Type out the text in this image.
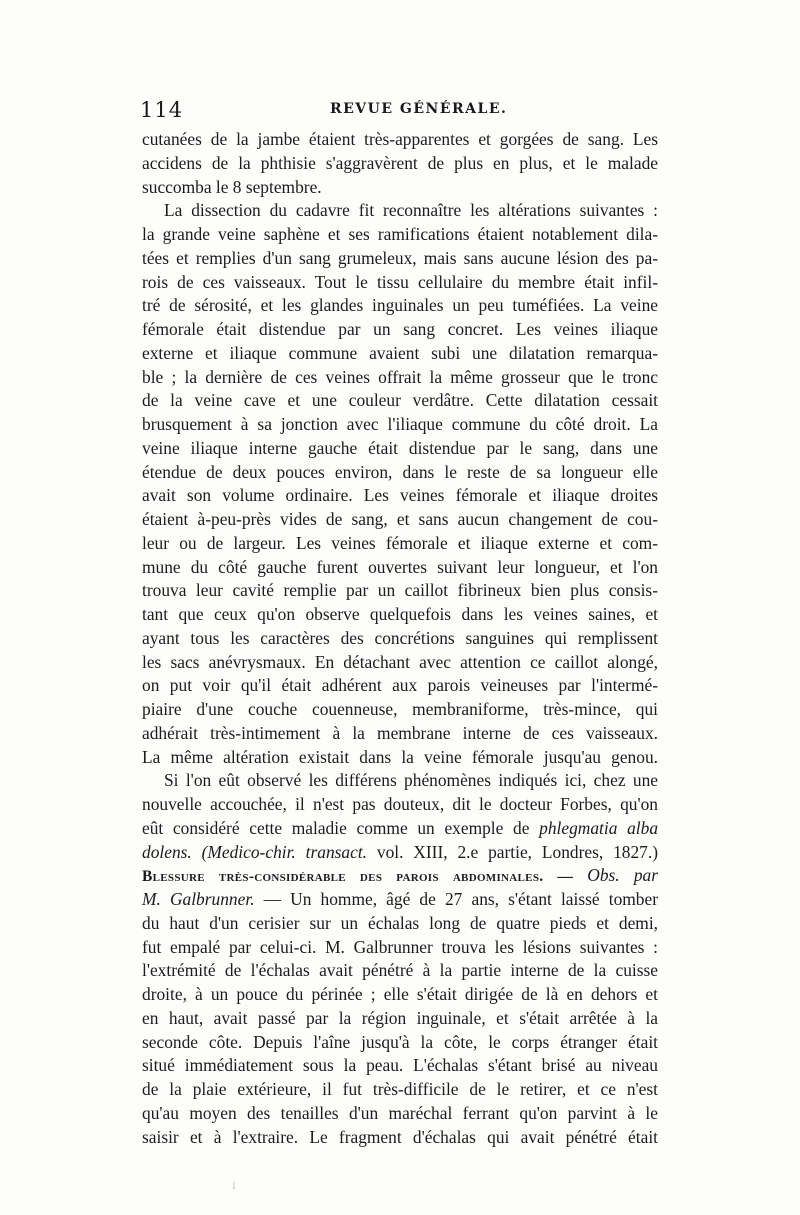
114	REVUE GÉNÉRALE.
cutanées de la jambe étaient très-apparentes et gorgées de sang. Les
accidens de la phthisie s'aggravèrent de plus en plus, et le malade
succomba le 8 septembre.
La dissection du cadavre fit reconnaître les altérations suivantes :
la grande veine saphène et ses ramifications étaient notablement dila-
tées et remplies d'un sang grumeleux, mais sans aucune lésion des pa-
rois de ces vaisseaux. Tout le tissu cellulaire du membre était infil-
tré de sérosité, et les glandes inguinales un peu tuméfiées. La veine
fémorale était distendue par un sang concret. Les veines iliaque
externe et iliaque commune avaient subi une dilatation remarqua-
ble ; la dernière de ces veines offrait la même grosseur que le tronc
de la veine cave et une couleur verdâtre. Cette dilatation cessait
brusquement à sa jonction avec l'iliaque commune du côté droit. La
veine iliaque interne gauche était distendue par le sang, dans une
étendue de deux pouces environ, dans le reste de sa longueur elle
avait son volume ordinaire. Les veines fémorale et iliaque droites
étaient à-peu-près vides de sang, et sans aucun changement de cou-
leur ou de largeur. Les veines fémorale et iliaque externe et com-
mune du côté gauche furent ouvertes suivant leur longueur, et l'on
trouva leur cavité remplie par un caillot fibrineux bien plus consis-
tant que ceux qu'on observe quelquefois dans les veines saines, et
ayant tous les caractères des concrétions sanguines qui remplissent
les sacs anévrysmaux. En détachant avec attention ce caillot alongé,
on put voir qu'il était adhérent aux parois veineuses par l'intermé-
piaire d'une couche couenneuse, membraniforme, très-mince, qui
adhérait très-intimement à la membrane interne de ces vaisseaux.
La même altération existait dans la veine fémorale jusqu'au genou.
Si l'on eût observé les différens phénomènes indiqués ici, chez une
nouvelle accouchée, il n'est pas douteux, dit le docteur Forbes, qu'on
eût considéré cette maladie comme un exemple de phlegmatia alba
dolens. (Medico-chir. transact. vol. XIII, 2.e partie, Londres, 1827.)
Blessure très-considérable des parois abdominales. — Obs. par
M. Galbrunner. — Un homme, âgé de 27 ans, s'étant laissé tomber
du haut d'un cerisier sur un échalas long de quatre pieds et demi,
fut empalé par celui-ci. M. Galbrunner trouva les lésions suivantes :
l'extrémité de l'échalas avait pénétré à la partie interne de la cuisse
droite, à un pouce du périnée ; elle s'était dirigée de là en dehors et
en haut, avait passé par la région inguinale, et s'était arrêtée à la
seconde côte. Depuis l'aîne jusqu'à la côte, le corps étranger était
situé immédiatement sous la peau. L'échalas s'étant brisé au niveau
de la plaie extérieure, il fut très-difficile de le retirer, et ce n'est
qu'au moyen des tenailles d'un maréchal ferrant qu'on parvint à le
saisir et à l'extraire. Le fragment d'échalas qui avait pénétré était
ı
